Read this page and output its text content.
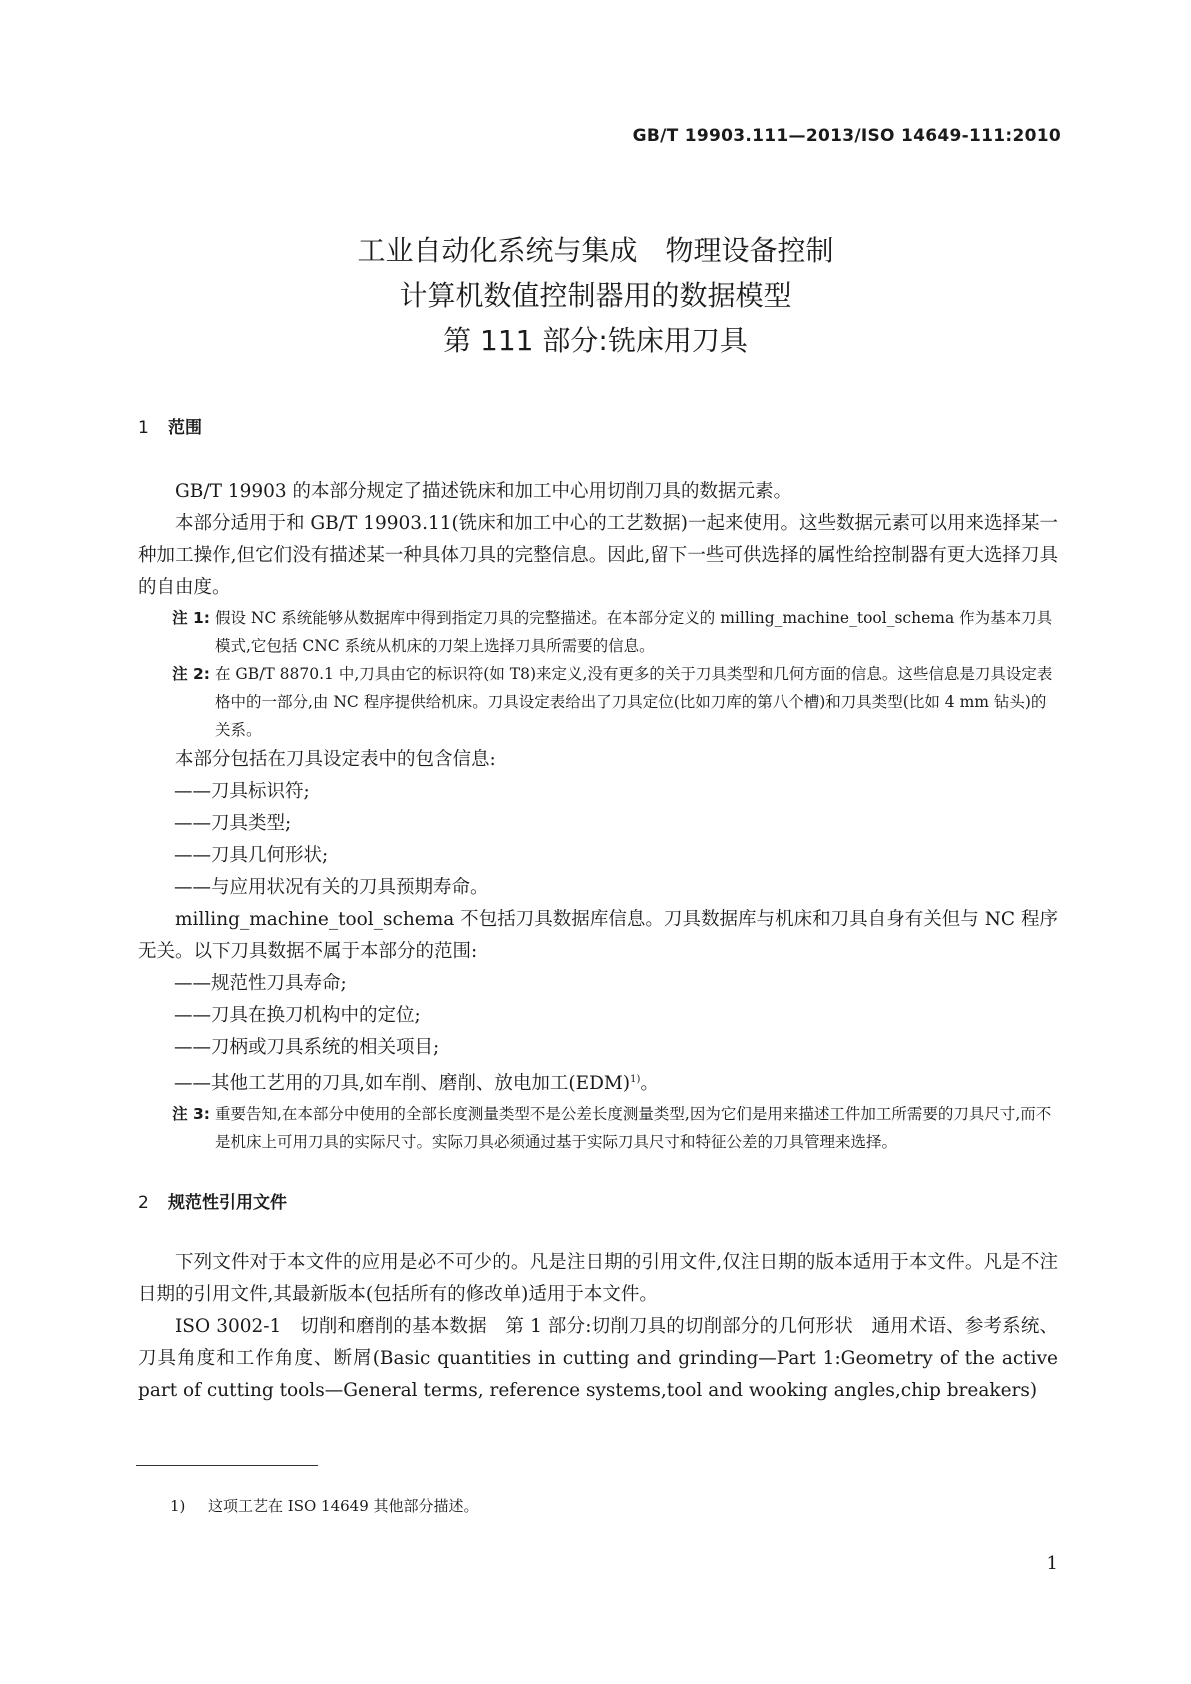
GB/T 19903.111—2013/ISO 14649-111:2010
工业自动化系统与集成　物理设备控制
计算机数值控制器用的数据模型
第 111 部分:铣床用刀具

1 范围

GB/T 19903 的本部分规定了描述铣床和加工中心用切削刀具的数据元素。

本部分适用于和 GB/T 19903.11(铣床和加工中心的工艺数据)一起来使用。这些数据元素可以用来选择某一种加工操作,但它们没有描述某一种具体刀具的完整信息。因此,留下一些可供选择的属性给控制器有更大选择刀具的自由度。

注 1: 假设 NC 系统能够从数据库中得到指定刀具的完整描述。在本部分定义的 milling_machine_tool_schema 作为基本刀具模式,它包括 CNC 系统从机床的刀架上选择刀具所需要的信息。
注 2: 在 GB/T 8870.1 中,刀具由它的标识符(如 T8)来定义,没有更多的关于刀具类型和几何方面的信息。这些信息是刀具设定表格中的一部分,由 NC 程序提供给机床。刀具设定表给出了刀具定位(比如刀库的第八个槽)和刀具类型(比如 4 mm 钻头)的关系。

本部分包括在刀具设定表中的包含信息:

——刀具标识符;

——刀具类型;

——刀具几何形状;

——与应用状况有关的刀具预期寿命。

milling_machine_tool_schema 不包括刀具数据库信息。刀具数据库与机床和刀具自身有关但与 NC 程序无关。以下刀具数据不属于本部分的范围:

——规范性刀具寿命;

——刀具在换刀机构中的定位;

——刀柄或刀具系统的相关项目;

——其他工艺用的刀具,如车削、磨削、放电加工(EDM)$^{1)}$。

注 3: 重要告知,在本部分中使用的全部长度测量类型不是公差长度测量类型,因为它们是用来描述工件加工所需要的刀具尺寸,而不是机床上可用刀具的实际尺寸。实际刀具必须通过基于实际刀具尺寸和特征公差的刀具管理来选择。

2 规范性引用文件

下列文件对于本文件的应用是必不可少的。凡是注日期的引用文件,仅注日期的版本适用于本文件。凡是不注日期的引用文件,其最新版本(包括所有的修改单)适用于本文件。

ISO 3002-1　切削和磨削的基本数据　第 1 部分:切削刀具的切削部分的几何形状　通用术语、参考系统、刀具角度和工作角度、断屑(Basic quantities in cutting and grinding—Part 1:Geometry of the active part of cutting tools—General terms, reference systems,tool and wooking angles,chip breakers)

1) 这项工艺在 ISO 14649 其他部分描述。
1
